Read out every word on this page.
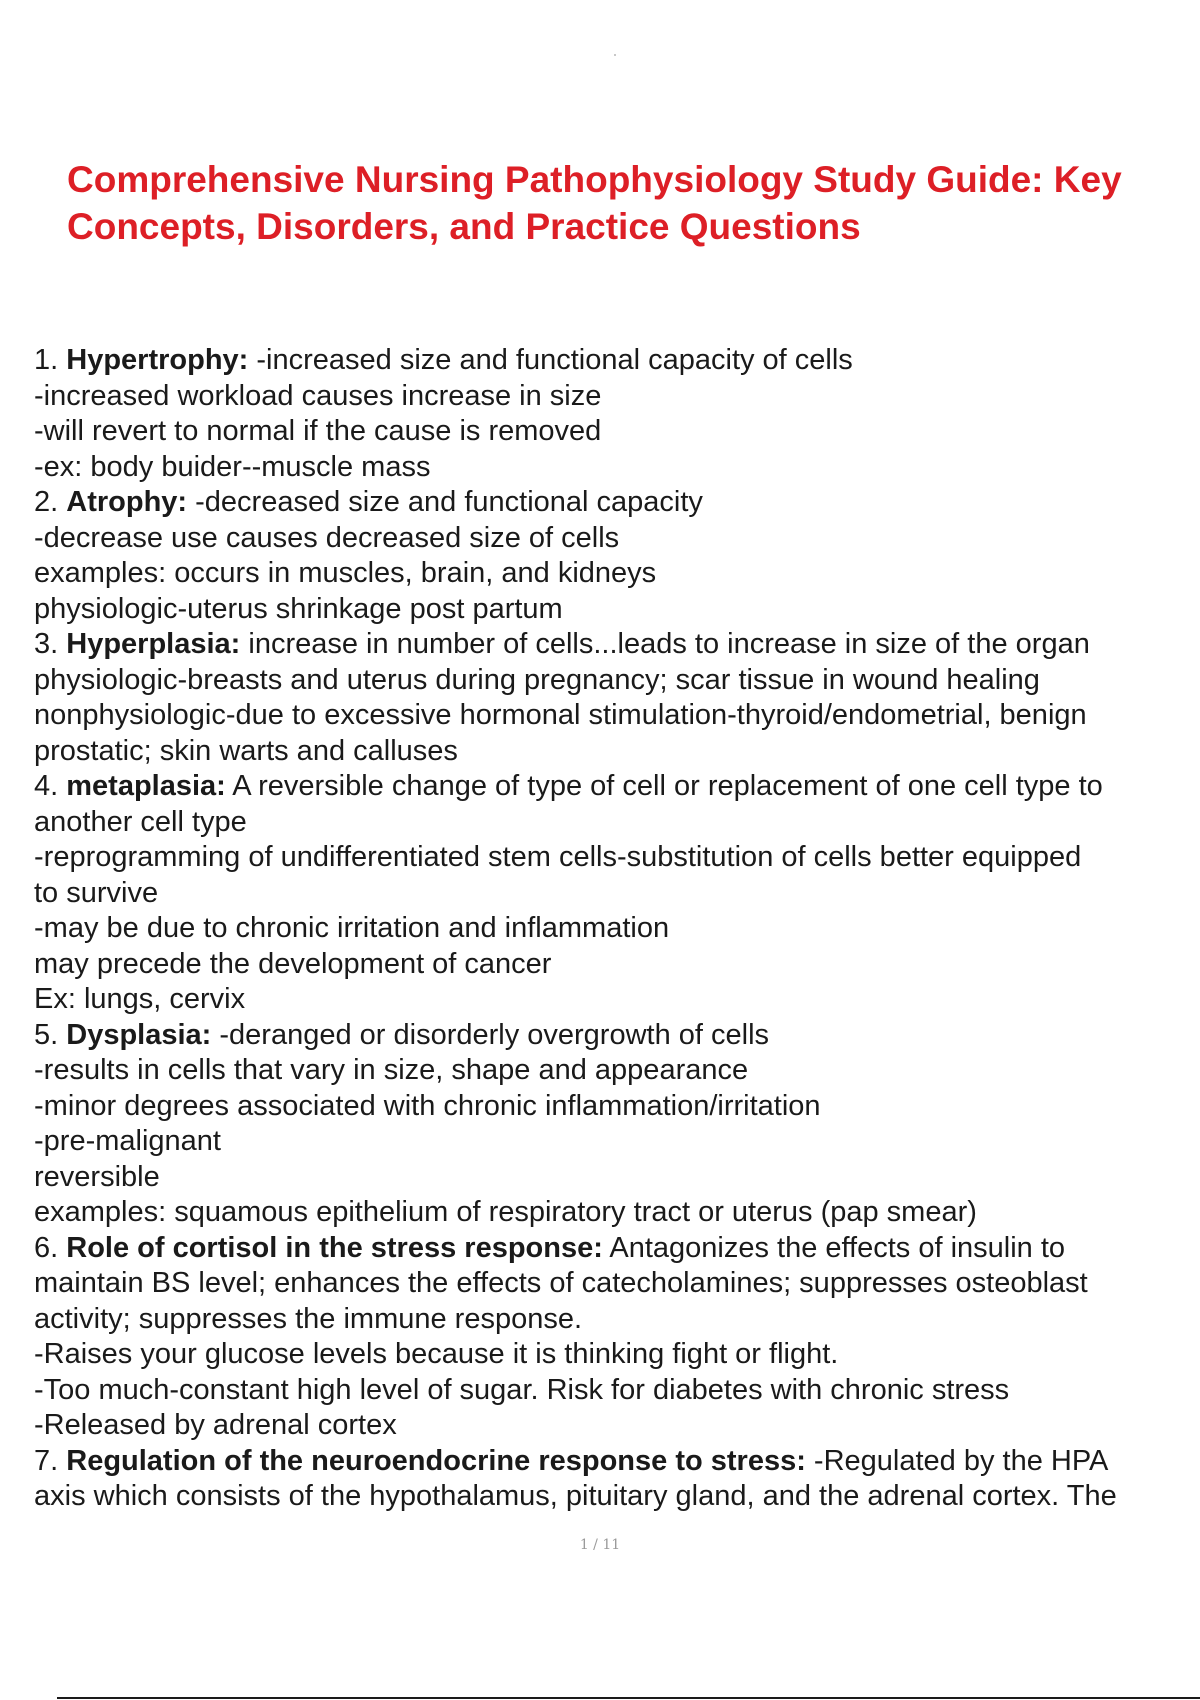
Comprehensive Nursing Pathophysiology Study Guide: Key
Concepts, Disorders, and Practice Questions
1. Hypertrophy: -increased size and functional capacity of cells
-increased workload causes increase in size
-will revert to normal if the cause is removed
-ex: body buider--muscle mass
2. Atrophy: -decreased size and functional capacity
-decrease use causes decreased size of cells
examples: occurs in muscles, brain, and kidneys
physiologic-uterus shrinkage post partum
3. Hyperplasia: increase in number of cells...leads to increase in size of the organ
physiologic-breasts and uterus during pregnancy; scar tissue in wound healing
nonphysiologic-due to excessive hormonal stimulation-thyroid/endometrial, benign
prostatic; skin warts and calluses
4. metaplasia: A reversible change of type of cell or replacement of one cell type to
another cell type
-reprogramming of undifferentiated stem cells-substitution of cells better equipped
to survive
-may be due to chronic irritation and inflammation
may precede the development of cancer
Ex: lungs, cervix
5. Dysplasia: -deranged or disorderly overgrowth of cells
-results in cells that vary in size, shape and appearance
-minor degrees associated with chronic inflammation/irritation
-pre-malignant
reversible
examples: squamous epithelium of respiratory tract or uterus (pap smear)
6. Role of cortisol in the stress response: Antagonizes the effects of insulin to
maintain BS level; enhances the effects of catecholamines; suppresses osteoblast
activity; suppresses the immune response.
-Raises your glucose levels because it is thinking fight or flight.
-Too much-constant high level of sugar. Risk for diabetes with chronic stress
-Released by adrenal cortex
7. Regulation of the neuroendocrine response to stress: -Regulated by the HPA
axis which consists of the hypothalamus, pituitary gland, and the adrenal cortex. The
1 / 11
